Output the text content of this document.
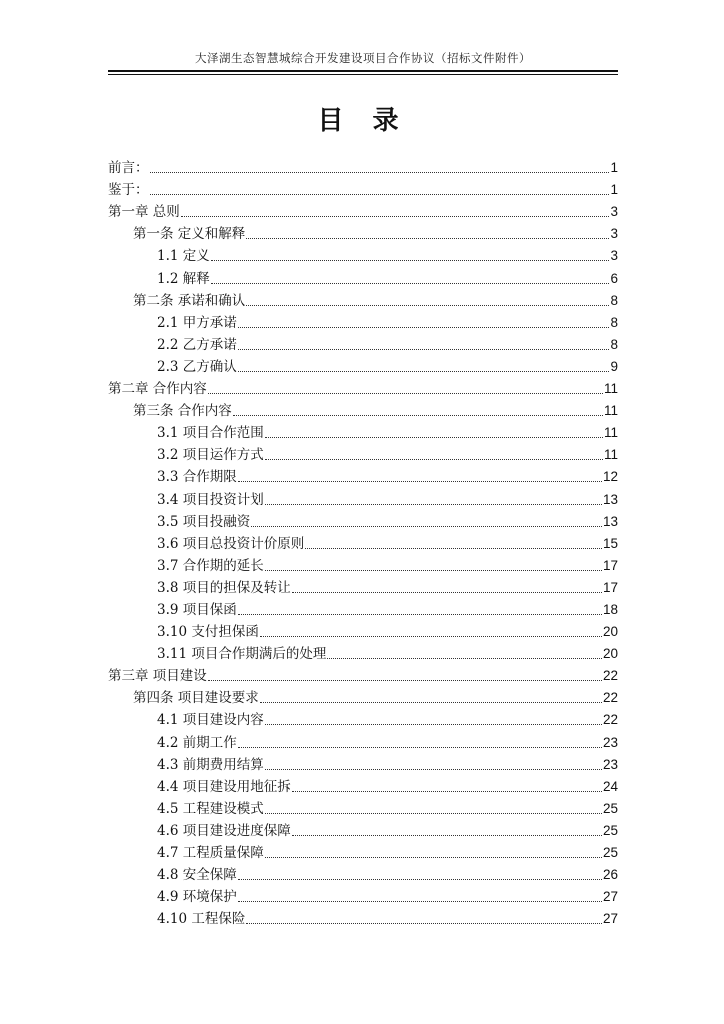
大泽湖生态智慧城综合开发建设项目合作协议（招标文件附件）
目 录
前言：	1
鉴于：	1
第一章 总则	3
第一条 定义和解释	3
1.1 定义	3
1.2 解释	6
第二条 承诺和确认	8
2.1 甲方承诺	8
2.2 乙方承诺	8
2.3 乙方确认	9
第二章 合作内容	11
第三条 合作内容	11
3.1 项目合作范围	11
3.2 项目运作方式	11
3.3 合作期限	12
3.4 项目投资计划	13
3.5 项目投融资	13
3.6 项目总投资计价原则	15
3.7 合作期的延长	17
3.8 项目的担保及转让	17
3.9 项目保函	18
3.10 支付担保函	20
3.11 项目合作期满后的处理	20
第三章 项目建设	22
第四条 项目建设要求	22
4.1 项目建设内容	22
4.2 前期工作	23
4.3 前期费用结算	23
4.4 项目建设用地征拆	24
4.5 工程建设模式	25
4.6 项目建设进度保障	25
4.7 工程质量保障	25
4.8 安全保障	26
4.9 环境保护	27
4.10 工程保险	27
